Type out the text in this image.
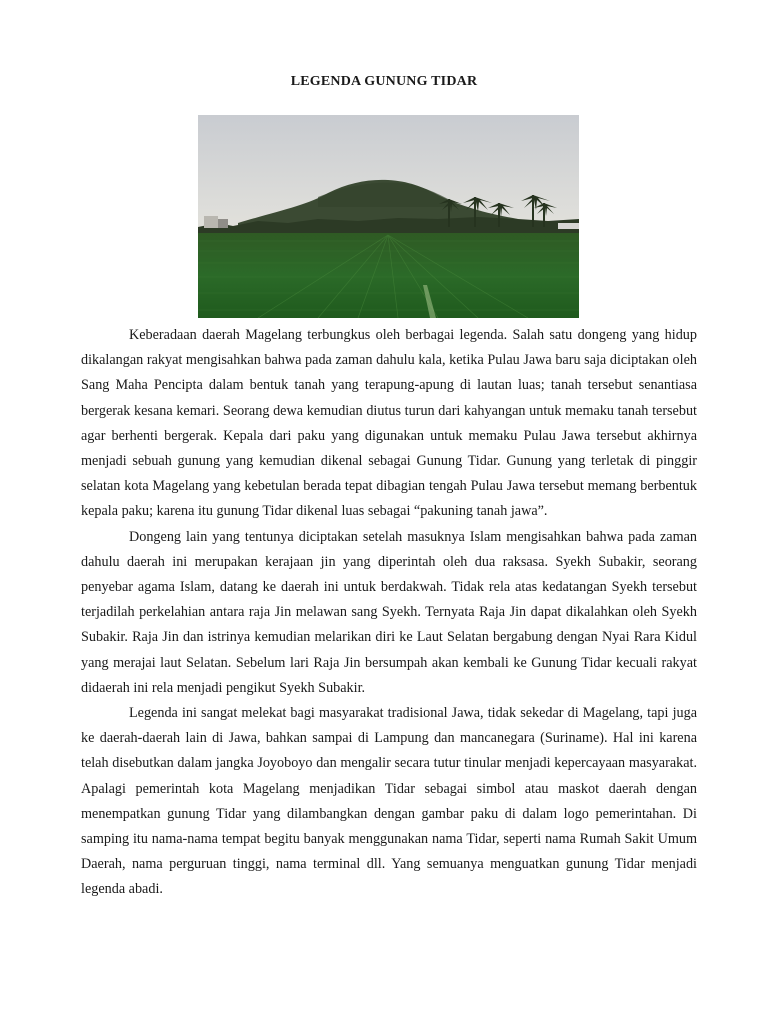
LEGENDA GUNUNG TIDAR

Keberadaan daerah Magelang terbungkus oleh berbagai legenda. Salah satu dongeng yang hidup dikalangan rakyat mengisahkan bahwa pada zaman dahulu kala, ketika Pulau Jawa baru saja diciptakan oleh Sang Maha Pencipta dalam bentuk tanah yang terapung-apung di lautan luas; tanah tersebut senantiasa bergerak kesana kemari. Seorang dewa kemudian diutus turun dari kahyangan untuk memaku tanah tersebut agar berhenti bergerak. Kepala dari paku yang digunakan untuk memaku Pulau Jawa tersebut akhirnya menjadi sebuah gunung yang kemudian dikenal sebagai Gunung Tidar. Gunung yang terletak di pinggir selatan kota Magelang yang kebetulan berada tepat dibagian tengah Pulau Jawa tersebut memang berbentuk kepala paku; karena itu gunung Tidar dikenal luas sebagai “pakuning tanah jawa”.

Dongeng lain yang tentunya diciptakan setelah masuknya Islam mengisahkan bahwa pada zaman dahulu daerah ini merupakan kerajaan jin yang diperintah oleh dua raksasa. Syekh Subakir, seorang penyebar agama Islam, datang ke daerah ini untuk berdakwah. Tidak rela atas kedatangan Syekh tersebut terjadilah perkelahian antara raja Jin melawan sang Syekh. Ternyata Raja Jin dapat dikalahkan oleh Syekh Subakir. Raja Jin dan istrinya kemudian melarikan diri ke Laut Selatan bergabung dengan Nyai Rara Kidul yang merajai laut Selatan. Sebelum lari Raja Jin bersumpah akan kembali ke Gunung Tidar kecuali rakyat didaerah ini rela menjadi pengikut Syekh Subakir.

Legenda ini sangat melekat bagi masyarakat tradisional Jawa, tidak sekedar di Magelang, tapi juga ke daerah-daerah lain di Jawa, bahkan sampai di Lampung dan mancanegara (Suriname). Hal ini karena telah disebutkan dalam jangka Joyoboyo dan mengalir secara tutur tinular menjadi kepercayaan masyarakat. Apalagi pemerintah kota Magelang menjadikan Tidar sebagai simbol atau maskot daerah dengan menempatkan gunung Tidar yang dilambangkan dengan gambar paku di dalam logo pemerintahan. Di samping itu nama-nama tempat begitu banyak menggunakan nama Tidar, seperti nama Rumah Sakit Umum Daerah, nama perguruan tinggi, nama terminal dll. Yang semuanya menguatkan gunung Tidar menjadi legenda abadi.
